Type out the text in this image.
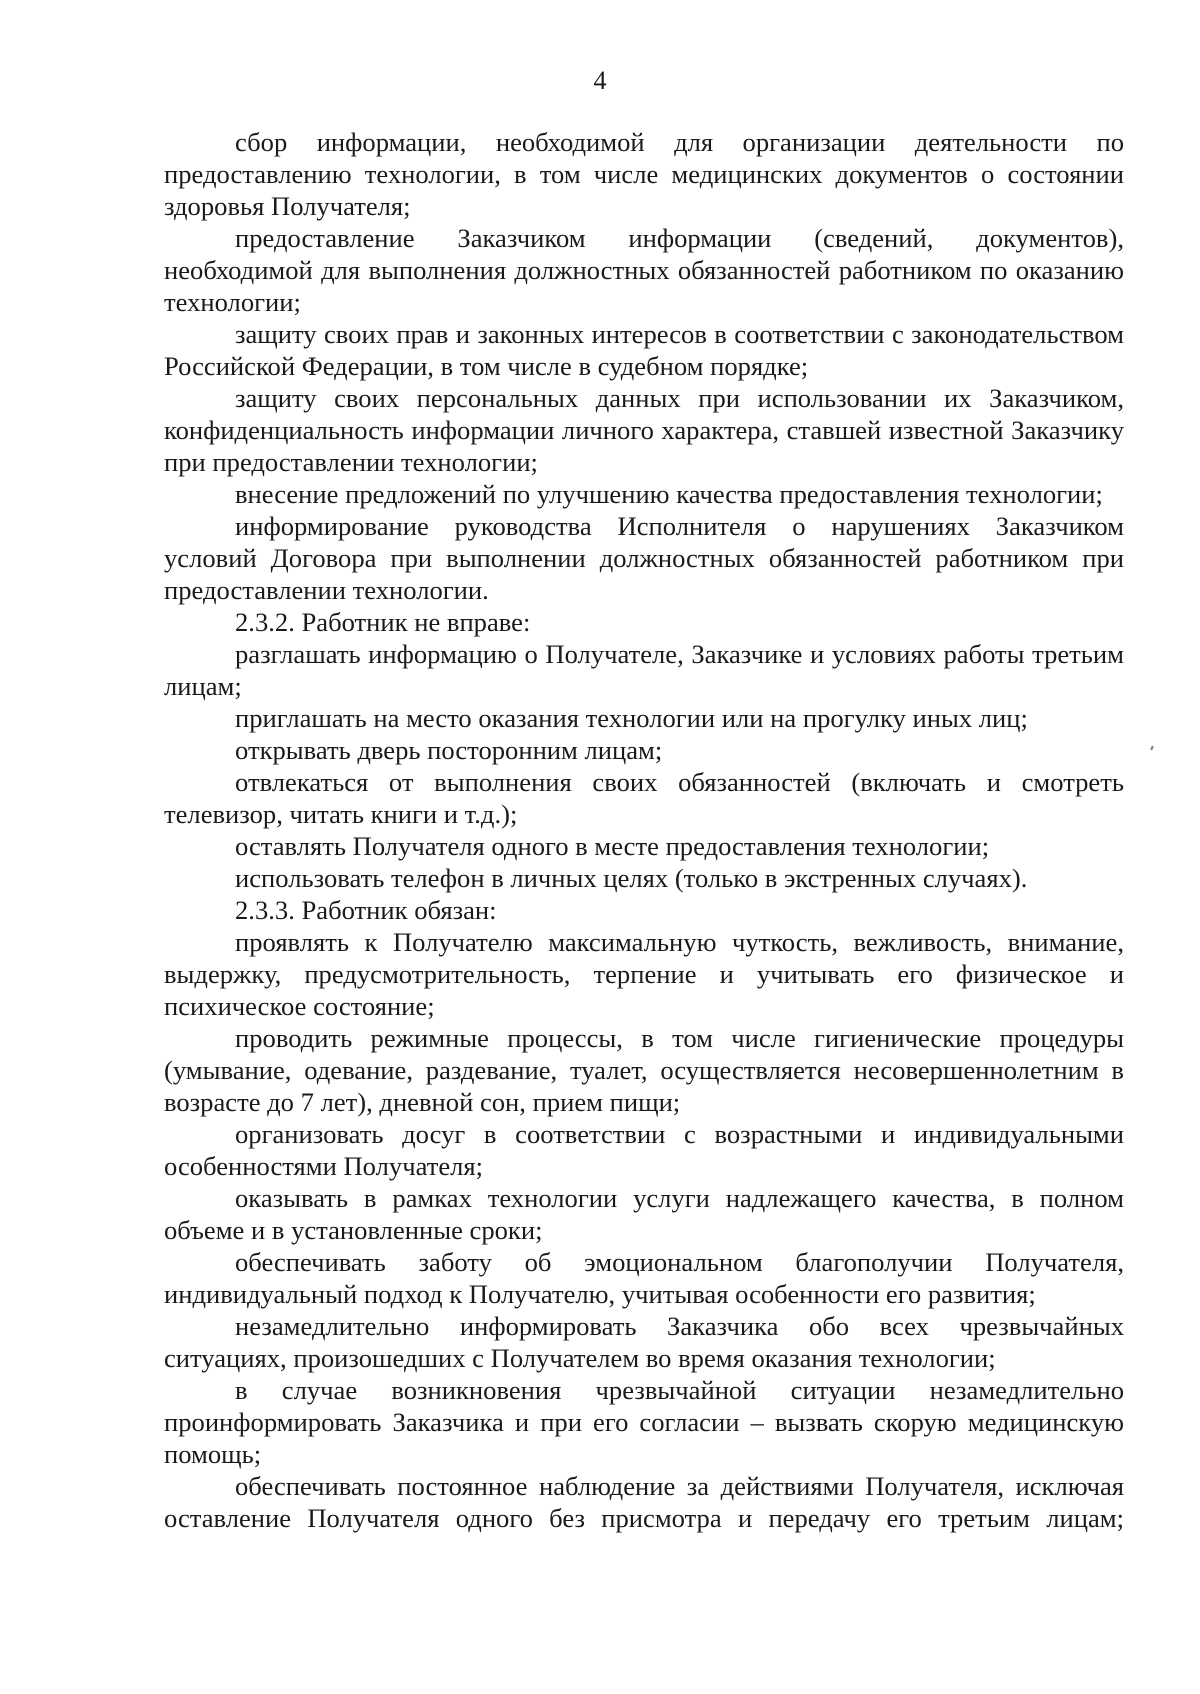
4

сбор информации, необходимой для организации деятельности по предоставлению технологии, в том числе медицинских документов о состоянии здоровья Получателя;

предоставление Заказчиком информации (сведений, документов), необходимой для выполнения должностных обязанностей работником по оказанию технологии;

защиту своих прав и законных интересов в соответствии с законодательством Российской Федерации, в том числе в судебном порядке;

защиту своих персональных данных при использовании их Заказчиком, конфиденциальность информации личного характера, ставшей известной Заказчику при предоставлении технологии;

внесение предложений по улучшению качества предоставления технологии;

информирование руководства Исполнителя о нарушениях Заказчиком условий Договора при выполнении должностных обязанностей работником при предоставлении технологии.

2.3.2. Работник не вправе:

разглашать информацию о Получателе, Заказчике и условиях работы третьим лицам;

приглашать на место оказания технологии или на прогулку иных лиц;

открывать дверь посторонним лицам;

отвлекаться от выполнения своих обязанностей (включать и смотреть телевизор, читать книги и т.д.);

оставлять Получателя одного в месте предоставления технологии;

использовать телефон в личных целях (только в экстренных случаях).

2.3.3. Работник обязан:

проявлять к Получателю максимальную чуткость, вежливость, внимание, выдержку, предусмотрительность, терпение и учитывать его физическое и психическое состояние;

проводить режимные процессы, в том числе гигиенические процедуры (умывание, одевание, раздевание, туалет, осуществляется несовершеннолетним в возрасте до 7 лет), дневной сон, прием пищи;

организовать досуг в соответствии с возрастными и индивидуальными особенностями Получателя;

оказывать в рамках технологии услуги надлежащего качества, в полном объеме и в установленные сроки;

обеспечивать заботу об эмоциональном благополучии Получателя, индивидуальный подход к Получателю, учитывая особенности его развития;

незамедлительно информировать Заказчика обо всех чрезвычайных ситуациях, произошедших с Получателем во время оказания технологии;

в случае возникновения чрезвычайной ситуации незамедлительно проинформировать Заказчика и при его согласии – вызвать скорую медицинскую помощь;

обеспечивать постоянное наблюдение за действиями Получателя, исключая оставление Получателя одного без присмотра и передачу его третьим лицам;
